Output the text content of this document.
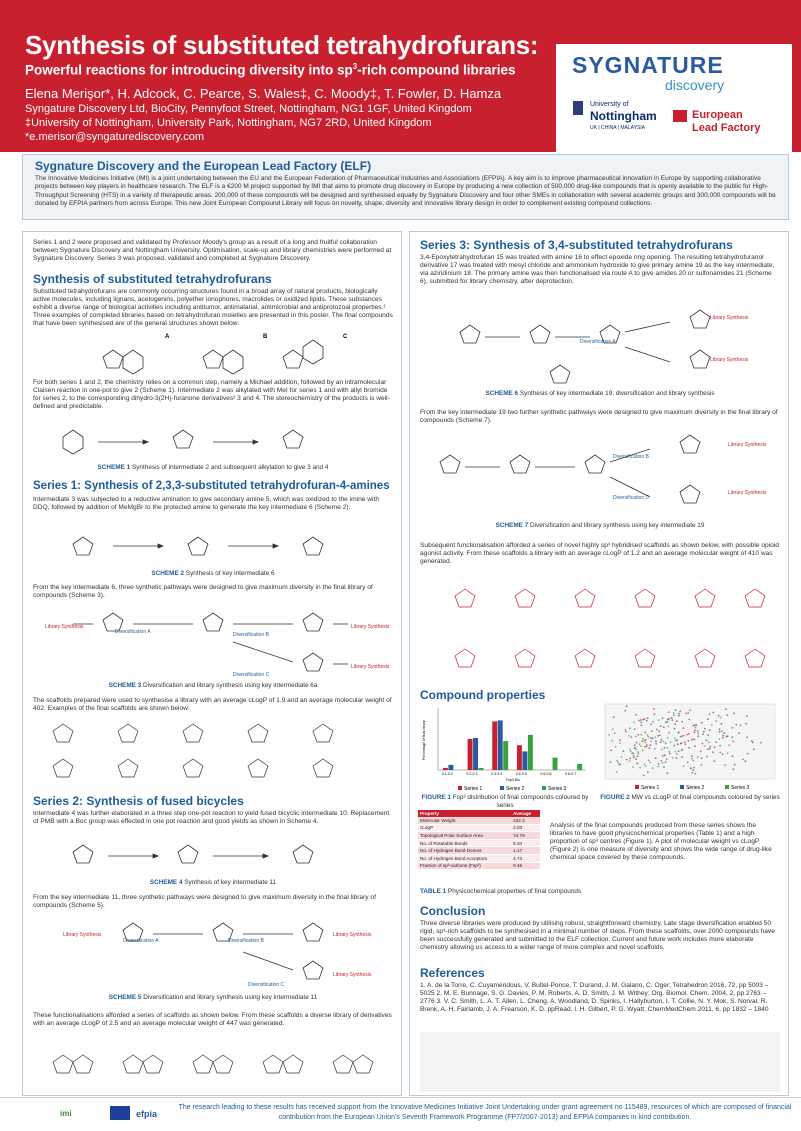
Synthesis of substituted tetrahydrofurans:
Powerful reactions for introducing diversity into $sp^3$-rich compound libraries
Elena Merişor*, H. Adcock, C. Pearce, S. Wales‡, C. Moody‡, T. Fowler, D. Hamza
Syngature Discovery Ltd, BioCity, Pennyfoot Street, Nottingham, NG1 1GF, United Kingdom
‡University of Nottingham, University Park, Nottingham, NG7 2RD, United Kingdom
*e.merisor@syngaturediscovery.com
SYGNATURE
discovery
University of
Nottingham
UK | CHINA | MALAYSIA
European
Lead Factory
Sygnature Discovery and the European Lead Factory (ELF)

The Innovative Medicines Initiative (IMI) is a joint undertaking between the EU and the European Federation of Pharmaceutical Industries and Associations (EFPIA). A key aim is to improve pharmaceutical innovation in Europe by supporting collaborative projects between key players in healthcare research. The ELF is a €200 M project supported by IMI that aims to promote drug discovery in Europe by producing a new collection of 500,000 drug-like compounds that is openly available to the public for High-Throughput Screening (HTS) in a variety of therapeutic areas. 200,000 of these compounds will be designed and synthesised equally by Sygnature Discovery and four other SMEs in collaboration with several academic groups and 300,000 compounds will be donated by EFPIA partners from across Europe. This new Joint European Compound Library will focus on novelty, shape, diversity and innovative library design in order to complement existing compound collections.

Series 1 and 2 were proposed and validated by Professor Moody's group as a result of a long and fruitful collaboration between Sygnature Discovery and Nottingham University. Optimisation, scale-up and library chemistries were performed at Sygnature Discovery. Series 3 was proposed, validated and completed at Sygnature Discovery.
Synthesis of substituted tetrahydrofurans
Substituted tetrahydrofurans are commonly occurring structures found in a broad array of natural products, biologically active molecules, including lignans, acetogenins, polyether ionophores, macrolides or oxidized lipids. These substances exhibit a diverse range of biological activities including antitumor, antimalarial, antimicrobial and antiprotozoal properties.¹ Three examples of completed libraries based on tetrahydrofuran moieties are presented in this poster. The final compounds that have been synthesised are of the general structures shown below:
A	B	C
For both series 1 and 2, the chemistry relies on a common step, namely a Michael addition, followed by an intramolecular Claisen reaction in one-pot to give 2 (Scheme 1). Intermediate 2 was alkylated with MeI for series 1 and with allyl bromide for series 2, to the corresponding dihydro-3(2H)-furanone derivatives² 3 and 4. The stereochemistry of the products is well-defined and predictable.
SCHEME 1 Synthesis of intermediate 2 and subsequent alkylation to give 3 and 4
Series 1: Synthesis of 2,3,3-substituted tetrahydrofuran-4-amines
Intermediate 3 was subjected to a reductive amination to give secondary amine 5, which was oxidized to the imine with DDQ, followed by addition of MeMgBr to the protected amine to generate the key intermediate 6 (Scheme 2).
SCHEME 2 Synthesis of key intermediate 6
From the key intermediate 6, three synthetic pathways were designed to give maximum diversity in the final library of compounds (Scheme 3).
Diversification A	Diversification B
Diversification C
Library Synthesis	Library Synthesis
Library Synthesis
SCHEME 3 Diversification and library synthesis using key intermediate 6a
The scaffolds prepared were used to synthesise a library with an average cLogP of 1.9 and an average molecular weight of 402. Examples of the final scaffolds are shown below:
Series 2: Synthesis of fused bicycles
Intermediate 4 was further elaborated in a three step one-pot reaction to yield fused bicyclic intermediate 10. Replacement of PMB with a Boc group was effected in one pot reaction and good yields as shown in Scheme 4.
SCHEME 4 Synthesis of key intermediate 11
From the key intermediate 11, three synthetic pathways were designed to give maximum diversity in the final library of compounds (Scheme 5).
Diversification A	Diversification B
Diversification C
Library Synthesis	Library Synthesis
Library Synthesis
SCHEME 5 Diversification and library synthesis using key intermediate 11
These functionalisations afforded a series of scaffolds as shown below. From these scaffolds a diverse library of derivatives with an average cLogP of 2.5 and an average molecular weight of 447 was generated.
Series 3: Synthesis of 3,4-substituted tetrahydrofurans
3,4-Epoxytetrahydrofuran 15 was treated with amine 16 to effect epoxide ring opening. The resulting tetrahydrofuranol derivative 17 was treated with mesyl chloride and ammonium hydroxide to give primary amine 19 as the key intermediate, via aziridinium 18. The primary amine was then functionalised via route A to give amides 20 or sulfonamides 21 (Scheme 6), submitted for library chemistry, after deprotection.
Diversification A
Library Synthesis
Library Synthesis
SCHEME 6 Synthesis of key intermediate 19, diversification and library synthesis
From the key intermediate 19 two further synthetic pathways were designed to give maximum diversity in the final library of compounds (Scheme 7).
Diversification B
Diversification C
Library Synthesis
Library Synthesis
SCHEME 7 Diversification and library synthesis using key intermediate 19
Subsequent functionalisation afforded a series of novel highly sp³ hybridised scaffolds as shown below, with possible opioid agonist activity. From these scaffolds a library with an average cLogP of 1.2 and an average molecular weight of 410 was generated.
Compound properties
Percentage of final library
Fsp3 Bin
0.1-0.2	0.2-0.3	0.3-0.4	0.4-0.5	0.5-0.6	0.6-0.7
Series 1	Series 2	Series 3
FIGURE 1 Fsp³ distribution of final compounds coloured by series
Series 1	Series 2	Series 3
FIGURE 2 MW vs cLogP of final compounds coloured by series
Property	Average
Molecular Weight	422.3
cLogP	2.03
Topological Polar Surface Area	74.79
No. of Rotatable Bonds	5.34
No. of Hydrogen Bond Donors	1.17
No. of Hydrogen Bond Acceptors	4.73
Fraction of sp³-carbons (Fsp³)	0.48
Analysis of the final compounds produced from these series shows the libraries to have good physicochemical properties (Table 1) and a high proportion of sp³ centres (Figure 1). A plot of molecular weight vs cLogP (Figure 2) is one measure of diversity and shows the wide range of drug-like chemical space covered by these compounds.
TABLE 1 Physicochemical properties of final compounds
Conclusion
Three diverse libraries were produced by utilising robust, straightforward chemistry. Late stage diversification enabled 50 rigid, sp³-rich scaffolds to be synthesised in a minimal number of steps. From these scaffolds, over 2000 compounds have been successfully generated and submitted to the ELF collection. Current and future work includes more elaborate chemistry allowing us access to a wider range of more complex and novel scaffolds.
References
1. A. de la Torre, C. Cuyamendous, V. Bultel-Ponce, T. Durand, J. M. Galano, C. Oger; Tetrahedron 2016, 72, pp 5003 – 5025 2. M. E. Bunnage, S. G. Davies, P. M. Roberts, A. D. Smith, J. M. Withey; Org. Biomol. Chem. 2004, 2, pp 2763 – 2776 3. V. C. Smith, L. A. T. Allen, L. Cheng, A. Woodland, D. Spinks, I. Hallyburton, I. T. Collie, N. Y. Mok, S. Norval, R. Brenk, A. H. Fairlamb, J. A. Frearson, K. D. ppRead, I. H. Gilbert, P. G. Wyatt; ChemMedChem 2011, 6, pp 1832 – 1840
imi	efpia
The research leading to these results has received support from the Innovative Medicines Initiative Joint Undertaking under grant agreement no 115489, resources of which are composed of financial contribution from the European Union's Seventh Framework Programme (FP7/2007-2013) and EFPIA companies in kind contribution.
